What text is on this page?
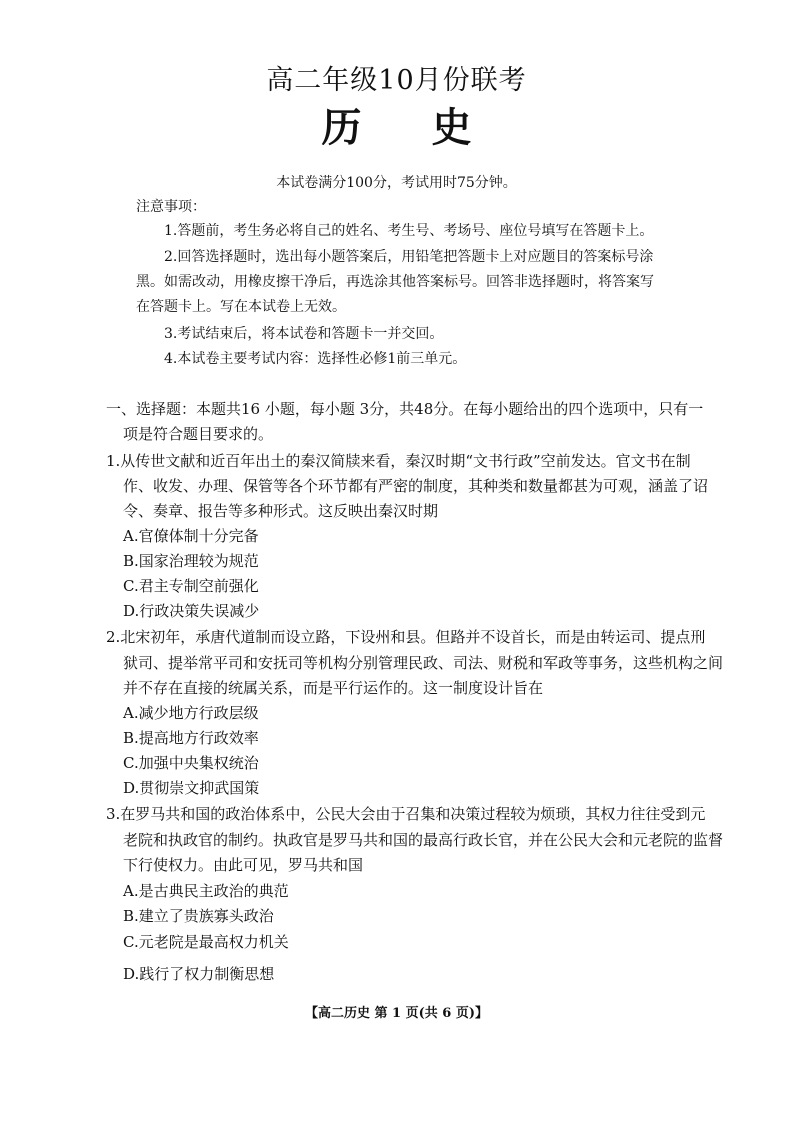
高二年级10月份联考
历史
本试卷满分100分，考试用时75分钟。
注意事项：
1.答题前，考生务必将自己的姓名、考生号、考场号、座位号填写在答题卡上。
2.回答选择题时，选出每小题答案后，用铅笔把答题卡上对应题目的答案标号涂
黑。如需改动，用橡皮擦干净后，再选涂其他答案标号。回答非选择题时，将答案写
在答题卡上。写在本试卷上无效。
3.考试结束后，将本试卷和答题卡一并交回。
4.本试卷主要考试内容：选择性必修1前三单元。
一、选择题：本题共16 小题，每小题 3分，共48分。在每小题给出的四个选项中，只有一
项是符合题目要求的。
1.从传世文献和近百年出土的秦汉简牍来看，秦汉时期“文书行政”空前发达。官文书在制
作、收发、办理、保管等各个环节都有严密的制度，其种类和数量都甚为可观，涵盖了诏
令、奏章、报告等多种形式。这反映出秦汉时期
A.官僚体制十分完备
B.国家治理较为规范
C.君主专制空前强化
D.行政决策失误减少
2.北宋初年，承唐代道制而设立路，下设州和县。但路并不设首长，而是由转运司、提点刑
狱司、提举常平司和安抚司等机构分别管理民政、司法、财税和军政等事务，这些机构之间
并不存在直接的统属关系，而是平行运作的。这一制度设计旨在
A.减少地方行政层级
B.提高地方行政效率
C.加强中央集权统治
D.贯彻崇文抑武国策
3.在罗马共和国的政治体系中，公民大会由于召集和决策过程较为烦琐，其权力往往受到元
老院和执政官的制约。执政官是罗马共和国的最高行政长官，并在公民大会和元老院的监督
下行使权力。由此可见，罗马共和国
A.是古典民主政治的典范
B.建立了贵族寡头政治
C.元老院是最高权力机关
D.践行了权力制衡思想
【高二历史 第 1 页(共 6 页)】
